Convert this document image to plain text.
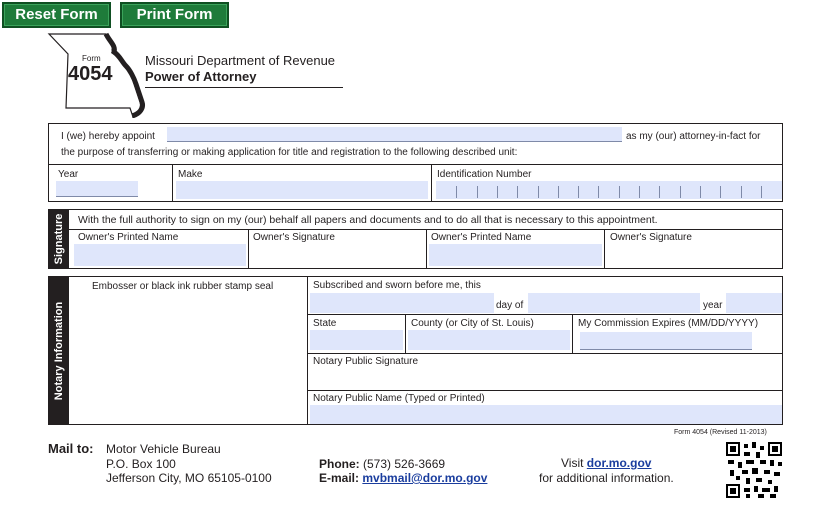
Reset Form	Print Form
Form
4054
Missouri Department of Revenue
Power of Attorney
I (we) hereby appoint	as my (our) attorney-in-fact for
the purpose of transferring or making application for title and registration to the following described unit:
Year	Make	Identification Number
Signature With the full authority to sign on my (our) behalf all papers and documents and to do all that is necessary to this appointment.
Owner's Printed Name	Owner's Signature	Owner's Printed Name	Owner's Signature
Notary Information
Embosser or black ink rubber stamp seal	Subscribed and sworn before me, this
day of	year
State	County (or City of St. Louis)	My Commission Expires (MM/DD/YYYY)
Notary Public Signature
Notary Public Name (Typed or Printed)
Form 4054 (Revised 11-2013)
Mail to: Motor Vehicle Bureau
P.O. Box 100
Jefferson City, MO 65105-0100
Phone: (573) 526-3669
E-mail: mvbmail@dor.mo.gov
Visit dor.mo.gov
for additional information.
